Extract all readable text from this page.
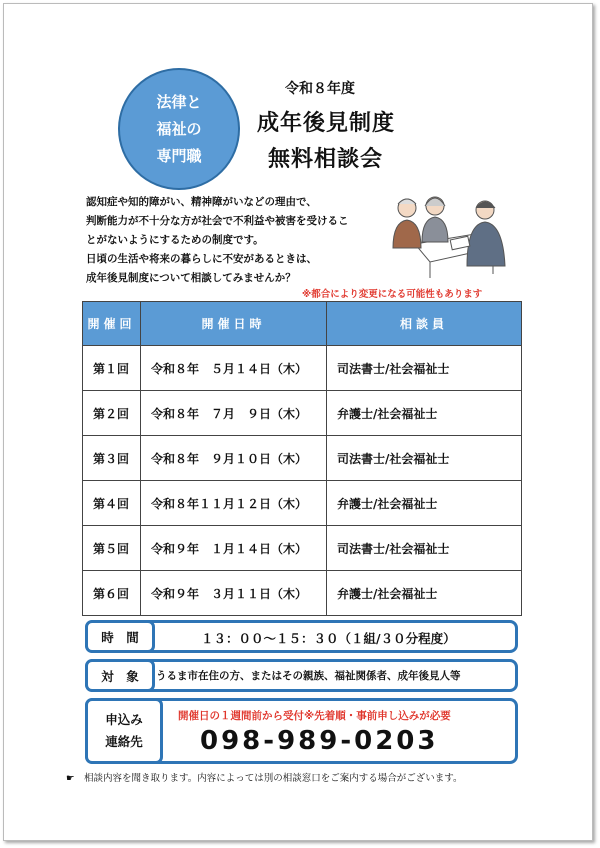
法律と
福祉の
専門職
令和８年度
成年後見制度
無料相談会
認知症や知的障がい、精神障がいなどの理由で、
判断能力が不十分な方が社会で不利益や被害を受けるこ
とがないようにするための制度です。
日頃の生活や将来の暮らしに不安があるときは、
成年後見制度について相談してみませんか？
※都合により変更になる可能性もあります
開催回	開催日時	相談員
第１回	令和８年　５月１４日（木）	司法書士/社会福祉士
第２回	令和８年　７月　９日（木）	弁護士/社会福祉士
第３回	令和８年　９月１０日（木）	司法書士/社会福祉士
第４回	令和８年１１月１２日（木）	弁護士/社会福祉士
第５回	令和９年　１月１４日（木）	司法書士/社会福祉士
第６回	令和９年　３月１１日（木）	弁護士/社会福祉士
時　間	１３：００～１５：３０（１組/３０分程度）
対　象	うるま市在住の方、またはその親族、福祉関係者、成年後見人等
申込み
連絡先
開催日の１週間前から受付※先着順・事前申し込みが必要
098-989-0203
☛　相談内容を聞き取ります。内容によっては別の相談窓口をご案内する場合がございます。
